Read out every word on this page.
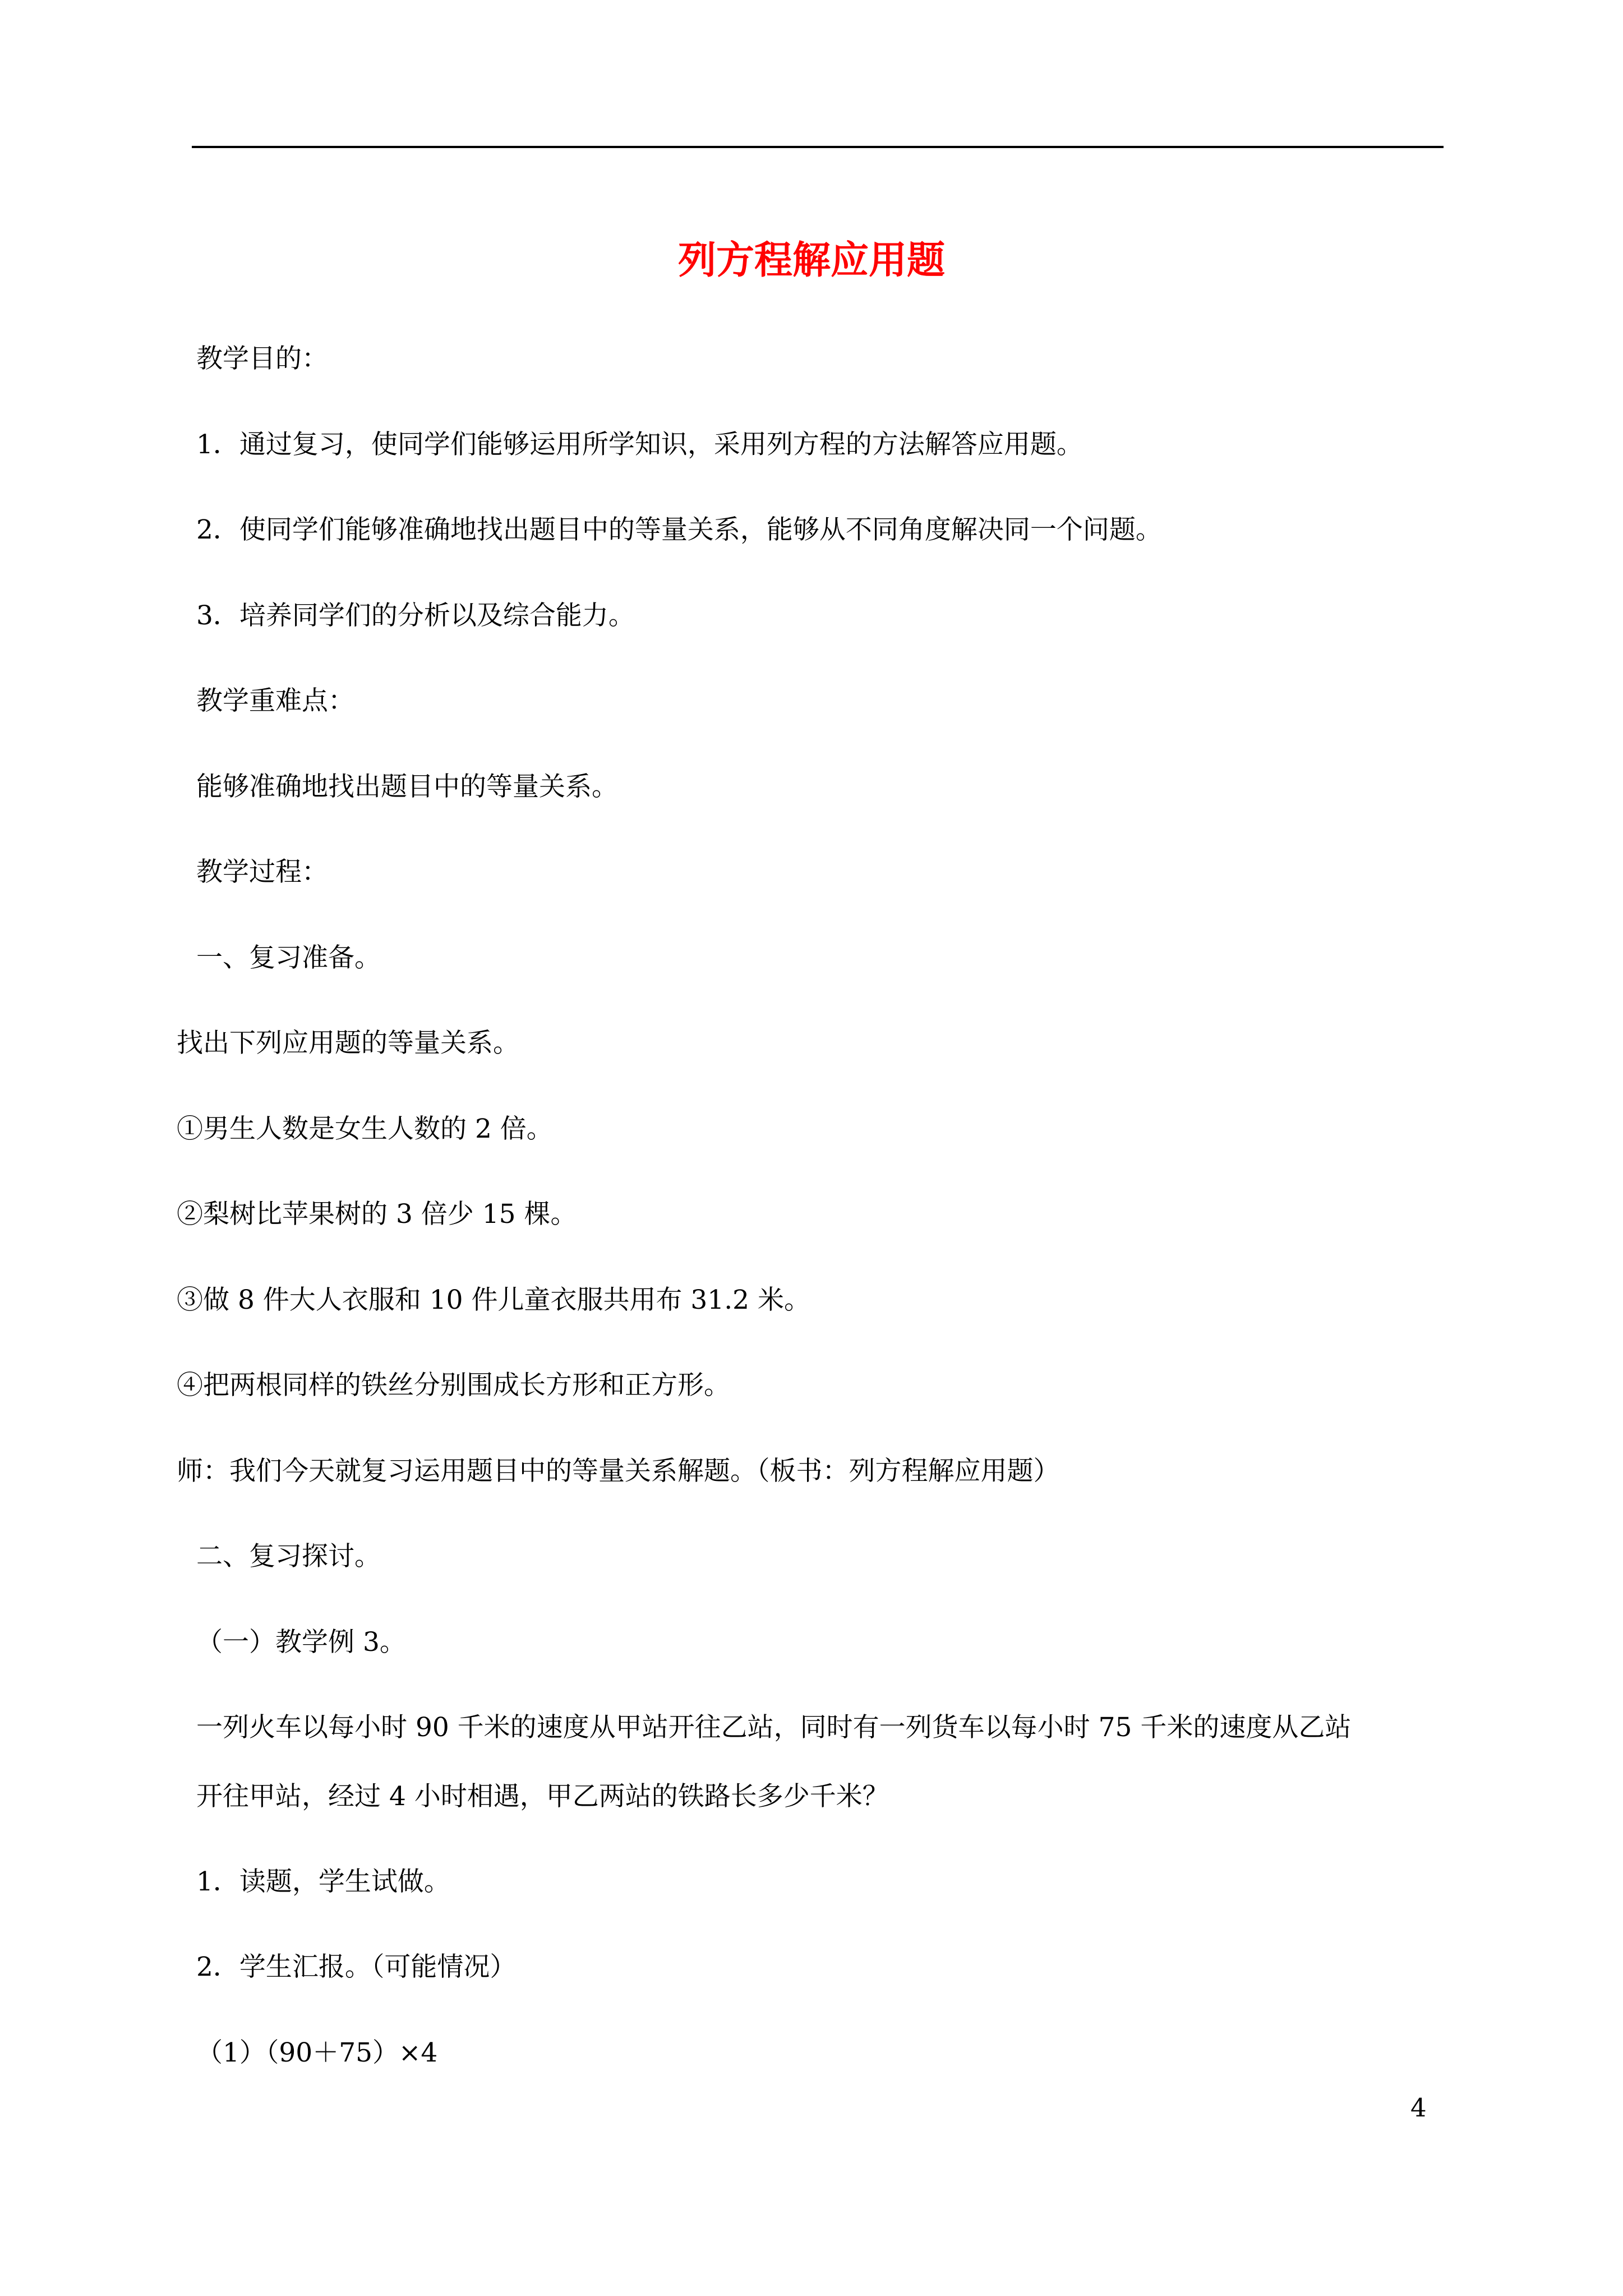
列方程解应用题
教学目的：
1．通过复习，使同学们能够运用所学知识，采用列方程的方法解答应用题。
2．使同学们能够准确地找出题目中的等量关系，能够从不同角度解决同一个问题。
3．培养同学们的分析以及综合能力。
教学重难点：
能够准确地找出题目中的等量关系。
教学过程：
一、复习准备。
找出下列应用题的等量关系。
①男生人数是女生人数的 2 倍。
②梨树比苹果树的 3 倍少 15 棵。
③做 8 件大人衣服和 10 件儿童衣服共用布 31.2 米。
④把两根同样的铁丝分别围成长方形和正方形。
师：我们今天就复习运用题目中的等量关系解题。（板书：列方程解应用题）
二、复习探讨。
（一）教学例 3。
一列火车以每小时 90 千米的速度从甲站开往乙站，同时有一列货车以每小时 75 千米的速度从乙站
开往甲站，经过 4 小时相遇，甲乙两站的铁路长多少千米？
1．读题，学生试做。
2．学生汇报。（可能情况）
（1）（90＋75）×4
4
